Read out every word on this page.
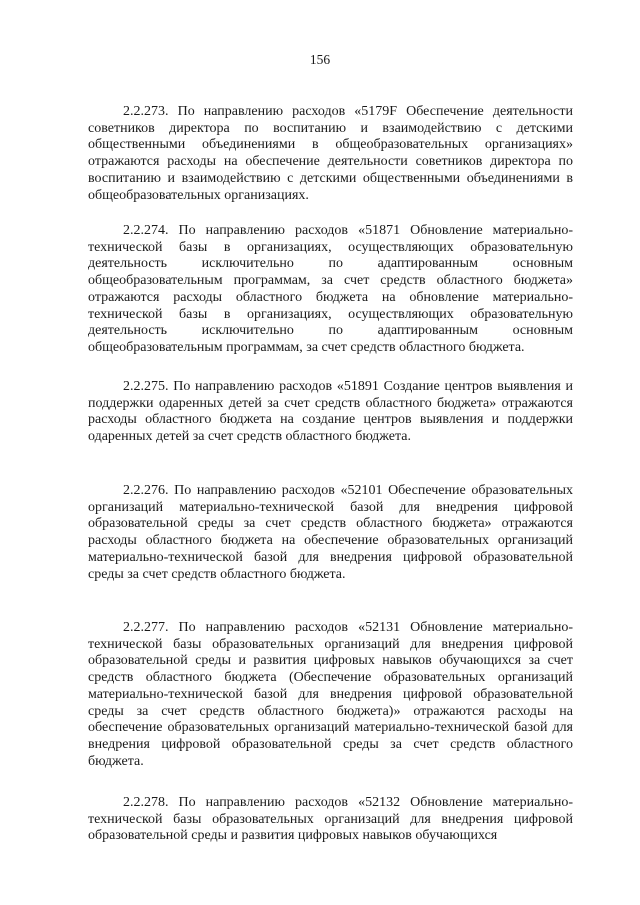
156

2.2.273. По направлению расходов «5179F Обеспечение деятельности советников директора по воспитанию и взаимодействию с детскими общественными объединениями в общеобразовательных организациях» отражаются расходы на обеспечение деятельности советников директора по воспитанию и взаимодействию с детскими общественными объединениями в общеобразовательных организациях.

2.2.274. По направлению расходов «51871 Обновление материально-технической базы в организациях, осуществляющих образовательную деятельность исключительно по адаптированным основным общеобразовательным программам, за счет средств областного бюджета» отражаются расходы областного бюджета на обновление материально-технической базы в организациях, осуществляющих образовательную деятельность исключительно по адаптированным основным общеобразовательным программам, за счет средств областного бюджета.

2.2.275. По направлению расходов «51891 Создание центров выявления и поддержки одаренных детей за счет средств областного бюджета» отражаются расходы областного бюджета на создание центров выявления и поддержки одаренных детей за счет средств областного бюджета.

2.2.276. По направлению расходов «52101 Обеспечение образовательных организаций материально-технической базой для внедрения цифровой образовательной среды за счет средств областного бюджета» отражаются расходы областного бюджета на обеспечение образовательных организаций материально-технической базой для внедрения цифровой образовательной среды за счет средств областного бюджета.

2.2.277. По направлению расходов «52131 Обновление материально-технической базы образовательных организаций для внедрения цифровой образовательной среды и развития цифровых навыков обучающихся за счет средств областного бюджета (Обеспечение образовательных организаций материально-технической базой для внедрения цифровой образовательной среды за счет средств областного бюджета)» отражаются расходы на обеспечение образовательных организаций материально-технической базой для внедрения цифровой образовательной среды за счет средств областного бюджета.

2.2.278. По направлению расходов «52132 Обновление материально-технической базы образовательных организаций для внедрения цифровой образовательной среды и развития цифровых навыков обучающихся
